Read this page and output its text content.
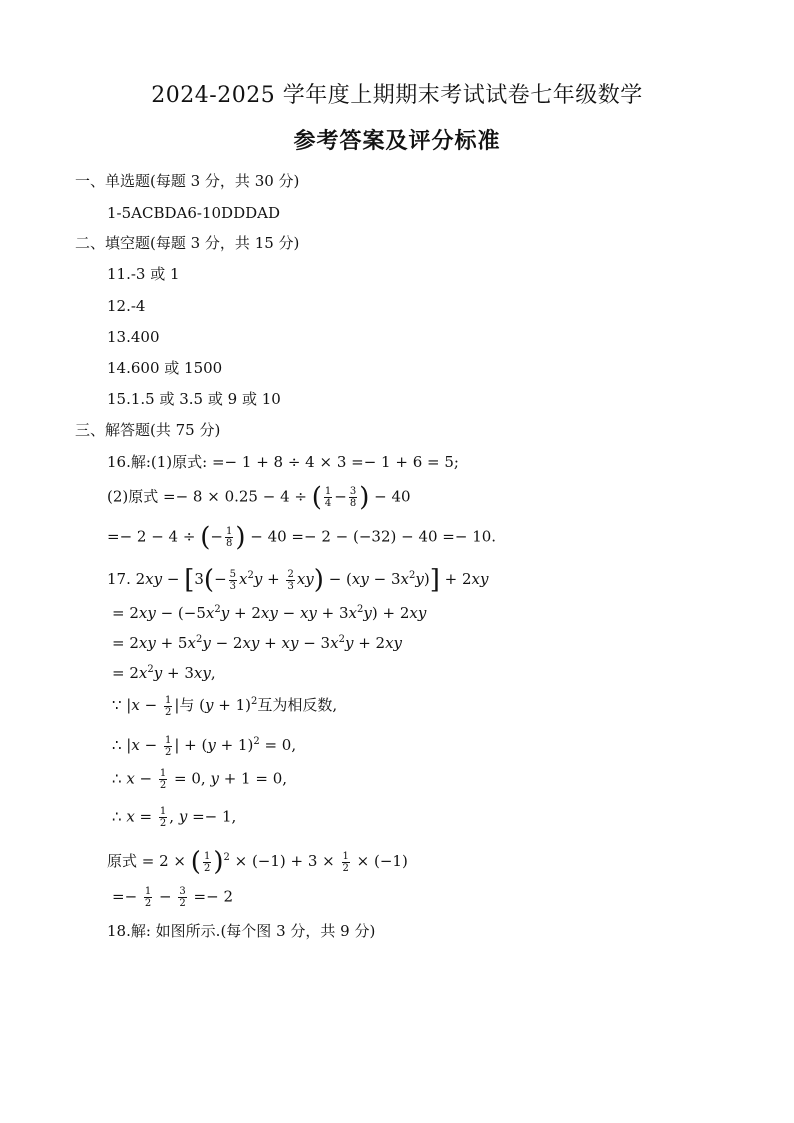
2024-2025 学年度上期期末考试试卷七年级数学
参考答案及评分标准
一、单选题(每题 3 分，共 30 分)
1-5ACBDA6-10DDDAD
二、填空题(每题 3 分，共 15 分)
11.-3 或 1
12.-4
13.400
14.600 或 1500
15.1.5 或 3.5 或 9 或 10
三、解答题(共 75 分)
16.解:(1)原式: =− 1 + 8 ÷ 4 × 3 =− 1 + 6 = 5;
(2)原式 =− 8 × 0.25 − 4 ÷ ( $\frac{1}{4} - \frac{3}{8}$ ) − 40
=− 2 − 4 ÷ (− $\frac{1}{8}$ ) − 40 =− 2 − (−32) − 40 =− 10.
17. $2xy - [3(- \frac{5}{3} x^2y + \frac{2}{3} xy) - (xy - 3x^2y)] + 2xy$
= $2xy - (-5x^2y + 2xy$ − xy + $3x^2y) + 2xy$
= $2xy + 5x^2y - 2xy$ + xy − $3x^2y + 2xy$
= $2x^2y + 3xy$,
∵ $|x - \frac{1}{2}$ |与 $(y + 1)^2$互为相反数,
∴ $|x - \frac{1}{2}$ | + $(y + 1)^2 = 0$,
∴ $x - \frac{1}{2} = 0$, y + 1 = 0,
∴ $x = \frac{1}{2}$ , y =− 1,
原式 = 2 × ( $\frac{1}{2} )^2 \times (-1) + 3 \times \frac{1}{2} \times (-1)$
=− $\frac{1}{2} - \frac{3}{2} =- 2$
18.解: 如图所示.(每个图 3 分，共 9 分)
